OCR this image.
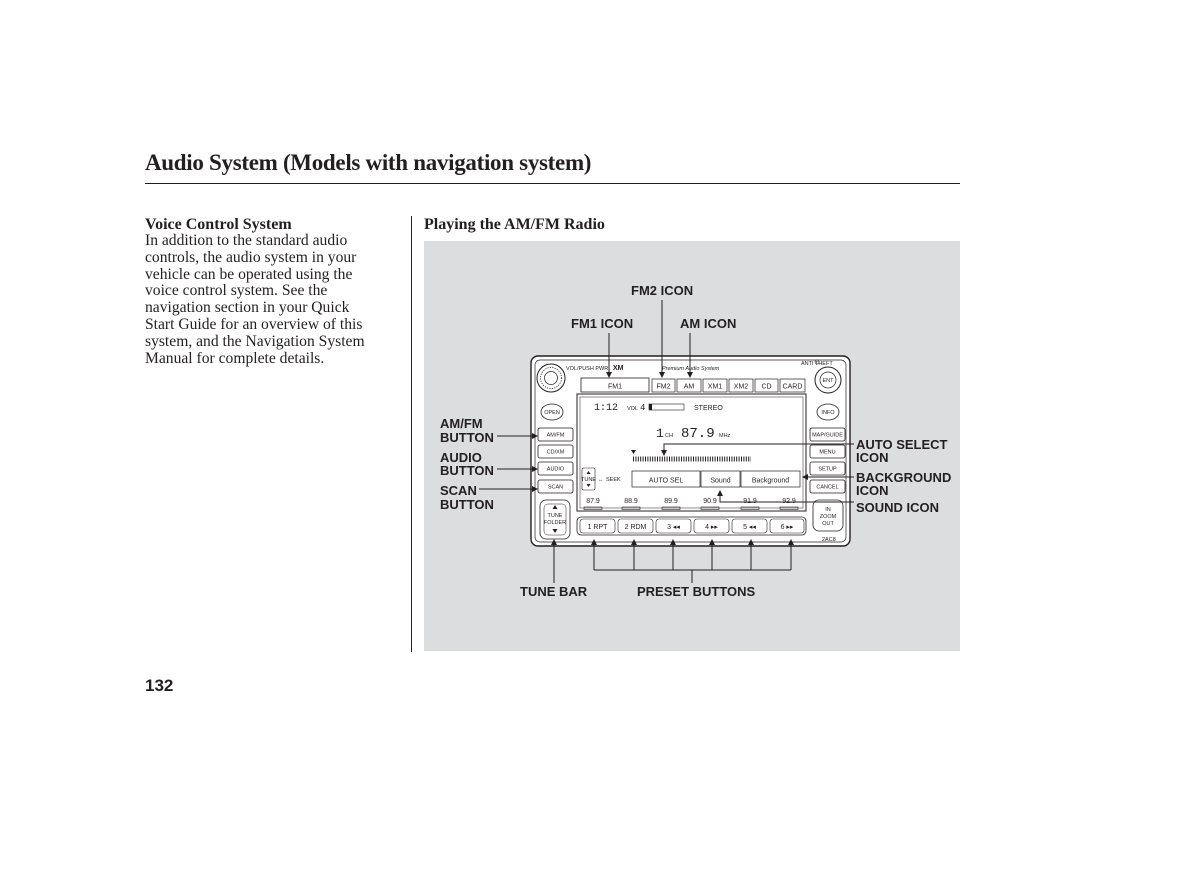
Audio System (Models with navigation system)
Voice Control System
In addition to the standard audio
controls, the audio system in your
vehicle can be operated using the
voice control system. See the
navigation section in your Quick
Start Guide for an overview of this
system, and the Navigation System
Manual for complete details.
Playing the AM/FM Radio
FM2 ICON
FM1 ICON	AM ICON
AM/FM
BUTTON
AUDIO
BUTTON
SCAN
BUTTON
AUTO SELECT
ICON
BACKGROUND
ICON
SOUND ICON
TUNE BAR	PRESET BUTTONS
VOL/PUSH PWR XM	Premium Audio System
ANTI THEFT
FM1	FM2 AM XM1 XM2 CD CARD
ENT
OPEN
AM/FM
CD/XM
AUDIO
SCAN
TUNE
FOLDER
INFO
MAP/GUIDE
MENU
SETUP
CANCEL
IN
ZOOM
OUT
2AC8
1:12 VOL 4	STEREO
1 CH 87.9 MHz
TUNE ↔ SEEK	AUTO SEL	Sound	Background
87.9	88.9	89.9	90.9	91.9	92.9
1 RPT 2 RDM	3 ◂◂	4 ▸▸	5 ◂◂	6 ▸▸
132
